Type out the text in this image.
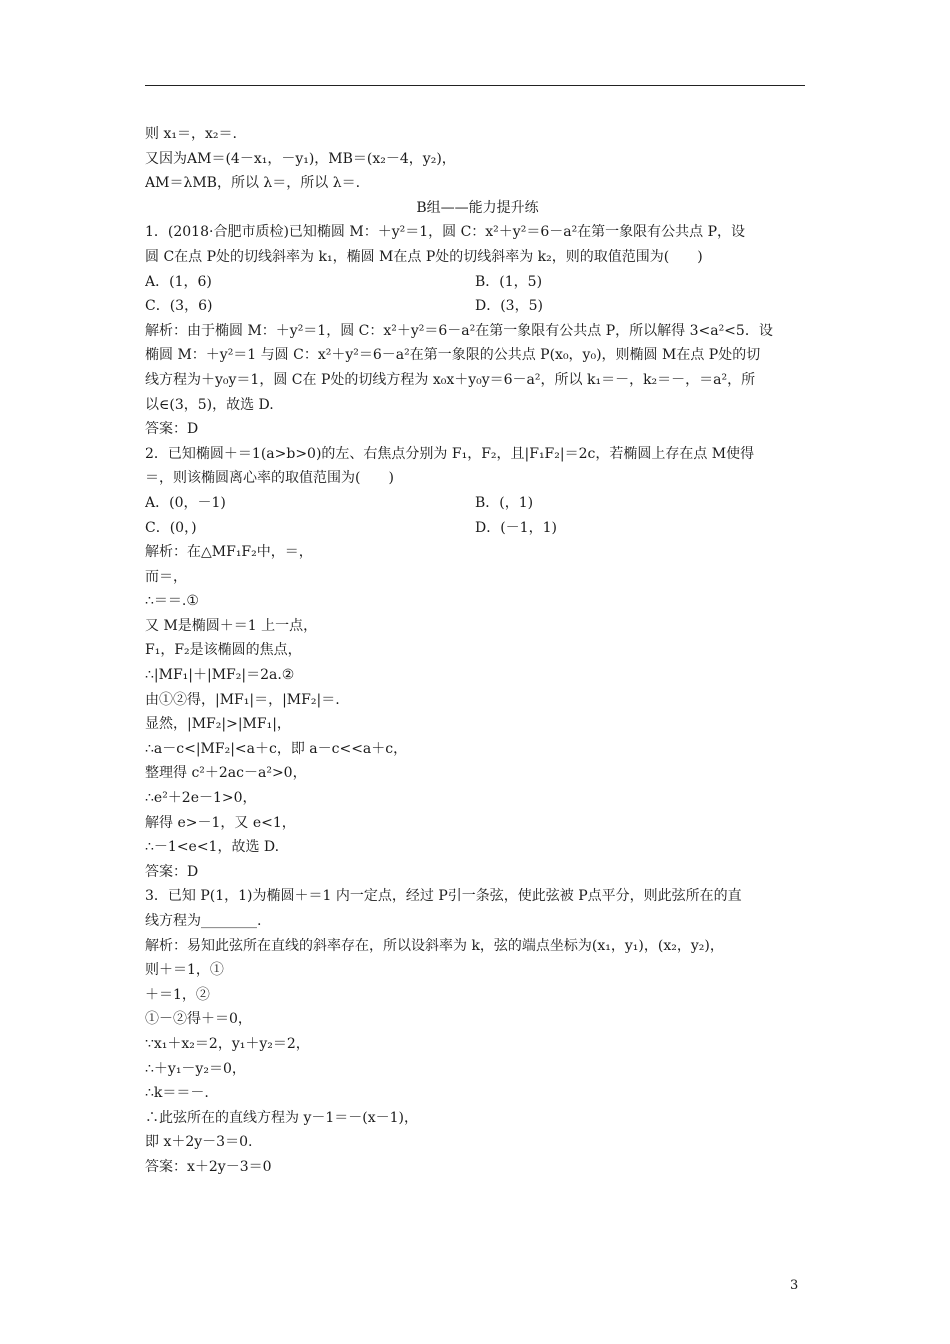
则 x₁＝，x₂＝.
又因为AM＝(4－x₁，－y₁)，MB＝(x₂－4，y₂)，
AM＝λMB，所以 λ＝，所以 λ＝.
B组——能力提升练
1．(2018·合肥市质检)已知椭圆 M：＋y²＝1，圆 C：x²＋y²＝6－a²在第一象限有公共点 P，设
圆 C在点 P处的切线斜率为 k₁，椭圆 M在点 P处的切线斜率为 k₂，则的取值范围为(　　)
A．(1，6)	B．(1，5)
C．(3，6)	D．(3，5)
解析：由于椭圆 M：＋y²＝1，圆 C：x²＋y²＝6－a²在第一象限有公共点 P，所以解得 3<a²<5．设
椭圆 M：＋y²＝1 与圆 C：x²＋y²＝6－a²在第一象限的公共点 P(x₀，y₀)，则椭圆 M在点 P处的切
线方程为＋y₀y＝1，圆 C在 P处的切线方程为 x₀x＋y₀y＝6－a²，所以 k₁＝－，k₂＝－，＝a²，所
以∈(3，5)，故选 D.
答案：D
2．已知椭圆＋＝1(a>b>0)的左、右焦点分别为 F₁，F₂，且|F₁F₂|＝2c，若椭圆上存在点 M使得
＝，则该椭圆离心率的取值范围为(　　)
A．(0，－1)	B．(，1)
C．(0，)	D．(－1，1)
解析：在△MF₁F₂中，＝，
而＝，
∴＝＝.①
又 M是椭圆＋＝1 上一点，
F₁，F₂是该椭圆的焦点，
∴|MF₁|＋|MF₂|＝2a.②
由①②得，|MF₁|＝，|MF₂|＝.
显然，|MF₂|>|MF₁|，
∴a－c<|MF₂|<a＋c，即 a－c<<a＋c，
整理得 c²＋2ac－a²>0，
∴e²＋2e－1>0，
解得 e>－1，又 e<1，
∴－1<e<1，故选 D.
答案：D
3．已知 P(1，1)为椭圆＋＝1 内一定点，经过 P引一条弦，使此弦被 P点平分，则此弦所在的直
线方程为________.
解析：易知此弦所在直线的斜率存在，所以设斜率为 k，弦的端点坐标为(x₁，y₁)，(x₂，y₂)，
则＋＝1，①
＋＝1，②
①－②得＋＝0，
∵x₁＋x₂＝2，y₁＋y₂＝2，
∴＋y₁－y₂＝0，
∴k＝＝－.
∴此弦所在的直线方程为 y－1＝－(x－1)，
即 x＋2y－3＝0.
答案：x＋2y－3＝0
3
